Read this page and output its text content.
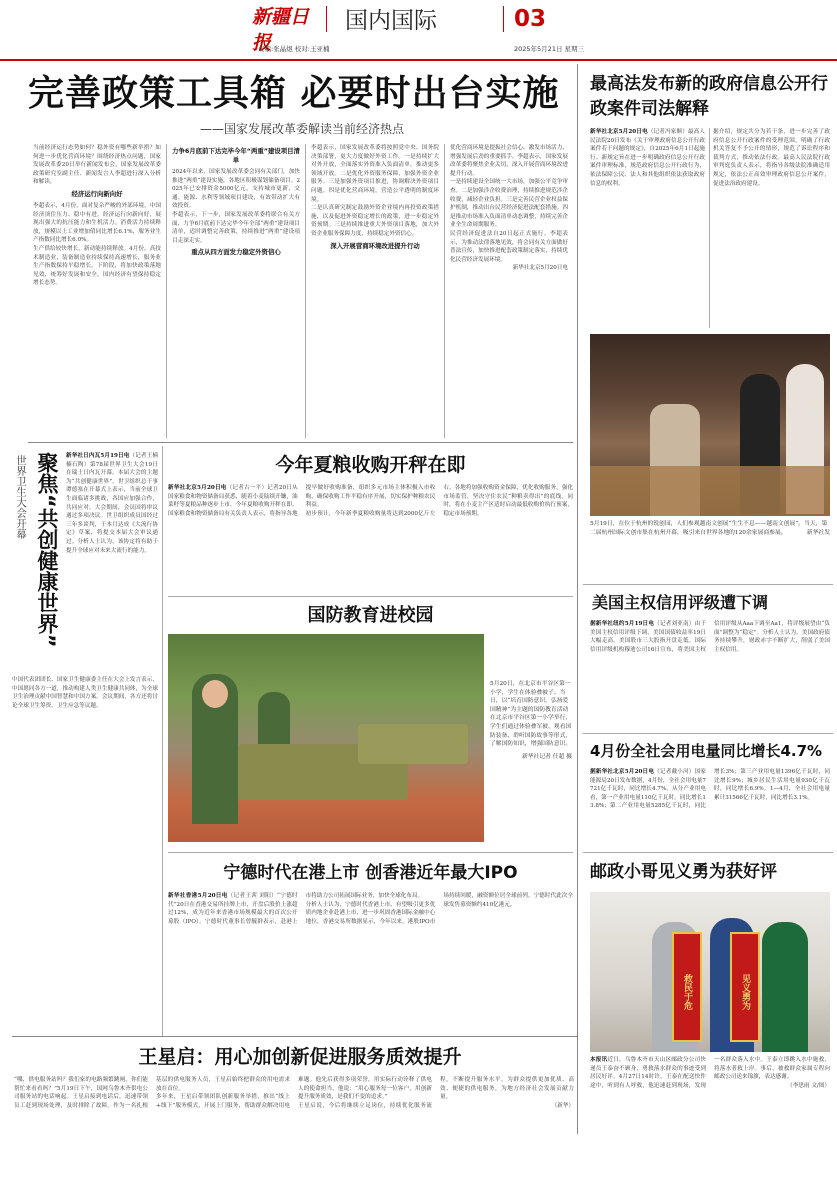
新疆日报
国内国际	03
责编:张晶煜 校对:王亚楠	2025年5月21日 星期三
完善政策工具箱 必要时出台实施
——国家发展改革委解读当前经济热点
当前经济运行态势如何？稳外资有哪些新举措？如何进一步优化营商环境？围绕经济热点问题，国家发展改革委20日举行新闻发布会，国家发展改革委政策研究室副主任、新闻发言人李超进行深入分析和解读。
经济运行向新向好
李超表示，4月份，面对复杂严峻的外部环境，中国经济顶住压力、稳中有进，经济运行向新向好，展现出强大的抗压能力和生机活力。消费活力持续释放，规模以上工业增加值同比增长6.1%，服务业生产指数同比增长6.0%。
生产供给较快增长，新动能持续释放。4月份，高技术制造业、装备制造业持续保持高速增长，服务业生产指数保持平稳增长。下阶段，将加快政策落地见效，统筹好发展和安全，国内经济有望保持稳定增长态势。
力争6月底前下达完毕今年“两重”建设项目清单
2024年以来，国家发展改革委会同有关部门，加快推进“两重”建设实施，各地区积极谋划储备项目。2025年已安排资金5000亿元，支持城市更新、交通、能源、水利等领域项目建设，有效带动扩大有效投资。
李超表示，下一步，国家发展改革委将联合有关方面，力争6月底前下达完毕今年全部“两重”建设项目清单，适时调整完善政策，持续推进“两重”建设项目走深走实。
重点从四方面发力稳定外资信心
李超表示，国家发展改革委将按照党中央、国务院决策部署，更大力度做好外资工作。一是持续扩大对外开放，全面落实外资准入负面清单，推动更多领域开放。二是优化外资服务保障，加强外资企业服务。三是加强外资项目推进，协调解决外资项目问题。四是优化营商环境，营造公平透明的制度环境。
二是认真研究制定鼓励外资企业境内再投资政策措施，以及促进外资稳定增长的政策，进一步稳定外资预期。三是持续推进重大外资项目落地，加大外资企业服务保障力度，持续稳定外资信心。
深入开展营商环境改进提升行动
优化营商环境是提振社会信心、激发市场活力、增强发展后劲的重要抓手。李超表示，国家发展改革委将聚焦企业关切，深入开展营商环境改进提升行动。
一是持续建设全国统一大市场，加强公平竞争审查。二是加强涉企收费治理，持续推进规范涉企收费，减轻企业负担。三是完善民营企业权益保护机制，推动出台民营经济促进法配套措施。四是推动市场准入负面清单动态调整，持续完善企业全生命周期服务。
民营经济促进法自20日起正式施行。李超表示，为推动法律落地见效，将会同有关方面做好普法宣传，加快推进配套政策制定落实，持续优化民营经济发展环境。
新华社北京5月20日电
最高法发布新的政府信息公开行政案件司法解释
新华社北京5月20日电（记者冯家顺）最高人民法院20日发布《关于审理政府信息公开行政案件若干问题的规定》，自2025年6月1日起施行。新规定旨在进一步明确政府信息公开行政案件审理标准，规范政府信息公开行政行为，依法保障公民、法人和其他组织依法获取政府信息的权利。
据介绍，规定共分为若干条，进一步完善了政府信息公开行政案件的受理范围，明确了行政机关答复不予公开的情形，规范了诉讼程序和裁判方式，推动依法行政。最高人民法院行政审判庭负责人表示，将指导各级法院准确适用规定，依法公正高效审理政府信息公开案件，促进法治政府建设。
5月19日，在位于杭州的锐创园，人们参观越南文创展“生生不息——越南文创展”。当天，第二届杭州国际文创市集在杭州开幕，吸引来自世界各地的120余家展商参展。	新华社发
美国主权信用评级遭下调
据新华社纽约5月19日电（记者刘亚南）由于美国主权信用评级下调，美国国债收益率19日大幅走高，美国股市三大股指开盘走低。国际信用评级机构穆迪公司16日宣布，将美国主权信用评级从Aaa下调至Aa1，将评级展望由“负面”调整为“稳定”。分析人士认为，美国政府债务持续攀升，财政赤字不断扩大，削弱了美国主权信用。
4月份全社会用电量同比增长4.7%
据新华社北京5月20日电（记者戴小河）国家能源局20日发布数据，4月份，全社会用电量7721亿千瓦时，同比增长4.7%。从分产业用电看，第一产业用电量110亿千瓦时，同比增长13.8%；第二产业用电量5285亿千瓦时，同比增长3%；第三产业用电量1396亿千瓦时，同比增长9%；城乡居民生活用电量930亿千瓦时，同比增长6.9%。1—4月，全社会用电量累计31566亿千瓦时，同比增长3.1%。
邮政小哥见义勇为获好评
救民于危	见义勇为
本报讯近日，乌鲁木齐市天山区邮政分公司快递员王泰奋不顾身，勇救落水群众的事迹受到居民好评。4月27日14时许，王泰在配送快件途中，听到有人呼救，他迅速赶到现场，发现一名群众落入水中。王泰立即跳入水中施救，将落水者救上岸。事后，被救群众家属专程向邮政公司送来锦旗，表达感谢。
（李思雨 文/图）
聚焦“共创健康世界”
世界卫生大会开幕	新华社日内瓦5月19日电（记者王楠楠石陶）第78届世界卫生大会19日在瑞士日内瓦开幕。本届大会的主题为“共创健康世界”。世卫组织总干事谭德塞在开幕式上表示，当前全球卫生面临诸多挑战，各国应加强合作，共同应对。大会期间，会员国将审议通过多项决议。世卫组织成员国经过三年多谈判，于本月达成《大流行协定》草案，将提交本届大会审议通过。分析人士认为，该协定将有助于提升全球应对未来大流行的能力。
中国代表团团长、国家卫生健康委主任在大会上发言表示，中国愿同各方一道，推动构建人类卫生健康共同体，为全球卫生治理贡献中国智慧和中国方案。会议期间，各方还将讨论全球卫生筹资、卫生应急等议题。
今年夏粮收购开秤在即
新华社北京5月20日电（记者古一平）记者20日从国家粮食和物资储备局获悉，随着小麦陆续开镰，油菜籽等夏粮品种逐步上市，今年夏粮收购开秤在即。国家粮食和物资储备局有关负责人表示，将指导各地提早做好收购准备，组织多元市场主体积极入市收购，确保收购工作平稳有序开展，切实保护种粮农民利益。
初步预计，今年新季夏粮收购量将达到2000亿斤左右。各地将加强收购资金保障，优化收购服务，强化市场监管，坚决守住农民“种粮卖得出”的底线。同时，将在小麦主产区适时启动最低收购价执行预案，稳定市场预期。
国防教育进校园
5月20日，在北京市平谷区第一小学，学生在体验叠被子。当日，以“培育国防意识，弘扬爱国精神”为主题的国防教育活动在北京市平谷区第一小学举行，学生们通过体验叠军被、观看国防装备、聆听国防故事等形式，了解国防知识，增强国防意识。
新华社记者 任超 摄
宁德时代在港上市 创香港近年最大IPO
新华社香港5月20日电（记者王茜 刘阳）“宁德时代”20日在香港交易所挂牌上市，开盘后股价上涨超过12%，成为近年来香港市场规模最大的首次公开募股（IPO）。宁德时代董事长曾毓群表示，赴港上市将助力公司拓展国际业务，加快全球化布局。
分析人士认为，宁德时代香港上市，有望吸引更多优质内地企业赴港上市，进一步巩固香港国际金融中心地位。香港交易所数据显示，今年以来，港股IPO市场持续回暖，融资额位居全球前列。宁德时代此次全球发售募资额约410亿港元。
王星启：用心加创新促进服务质效提升
“哪，供电服务站吗？我们家的电路频繁跳闸，你们能帮忙来看看吗？”5月19日下午，国网乌鲁木齐供电公司服务站的电话响起。王星启接到电话后，迅速带领员工赶到现场处理，及时排除了故障。作为一名扎根基层的供电服务人员，王星启始终把群众的用电需求放在首位。
多年来，王星启带领团队创新服务举措，推出“线上+线下”服务模式，开展上门服务，帮助群众解决用电难题。他先后获得多项荣誉，用实际行动诠释了供电人的使命担当。他说：“用心服务每一位客户，用创新提升服务质效，是我们不变的追求。”
王星启说，今后将继续立足岗位，持续优化服务流程，不断提升服务水平，为群众提供更加优质、高效、便捷的供电服务，为地方经济社会发展贡献力量。
（新华）
